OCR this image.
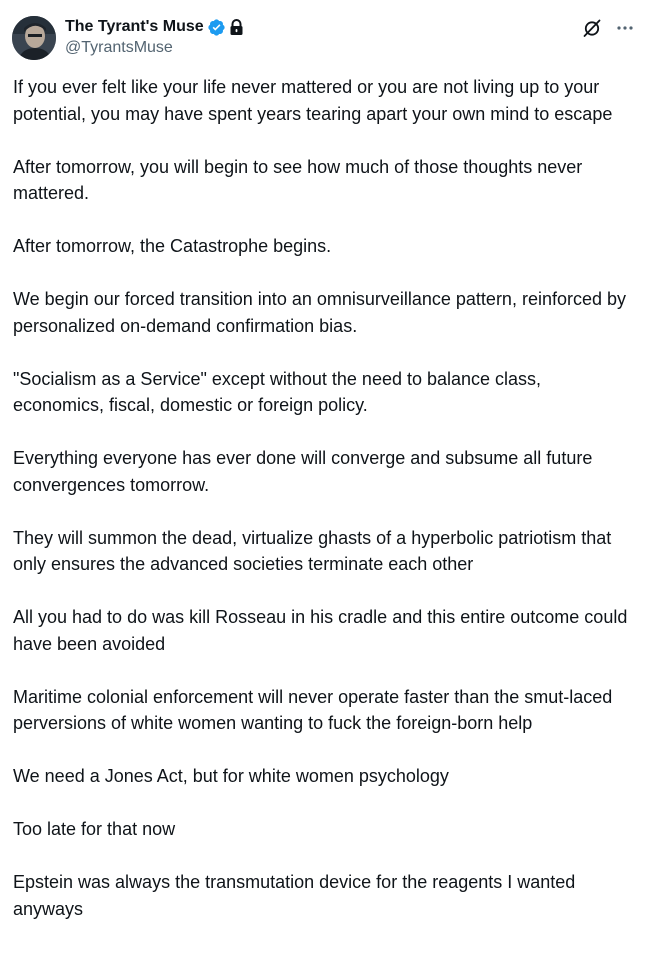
The Tyrant's Muse
@TyrantsMuse

If you ever felt like your life never mattered or you are not living up to your potential, you may have spent years tearing apart your own mind to escape

After tomorrow, you will begin to see how much of those thoughts never mattered.

After tomorrow, the Catastrophe begins.

We begin our forced transition into an omnisurveillance pattern, reinforced by personalized on-demand confirmation bias.

"Socialism as a Service" except without the need to balance class, economics, fiscal, domestic or foreign policy.

Everything everyone has ever done will converge and subsume all future convergences tomorrow.

They will summon the dead, virtualize ghasts of a hyperbolic patriotism that only ensures the advanced societies terminate each other

All you had to do was kill Rosseau in his cradle and this entire outcome could have been avoided

Maritime colonial enforcement will never operate faster than the smut-laced perversions of white women wanting to fuck the foreign-born help

We need a Jones Act, but for white women psychology

Too late for that now

Epstein was always the transmutation device for the reagents I wanted anyways
